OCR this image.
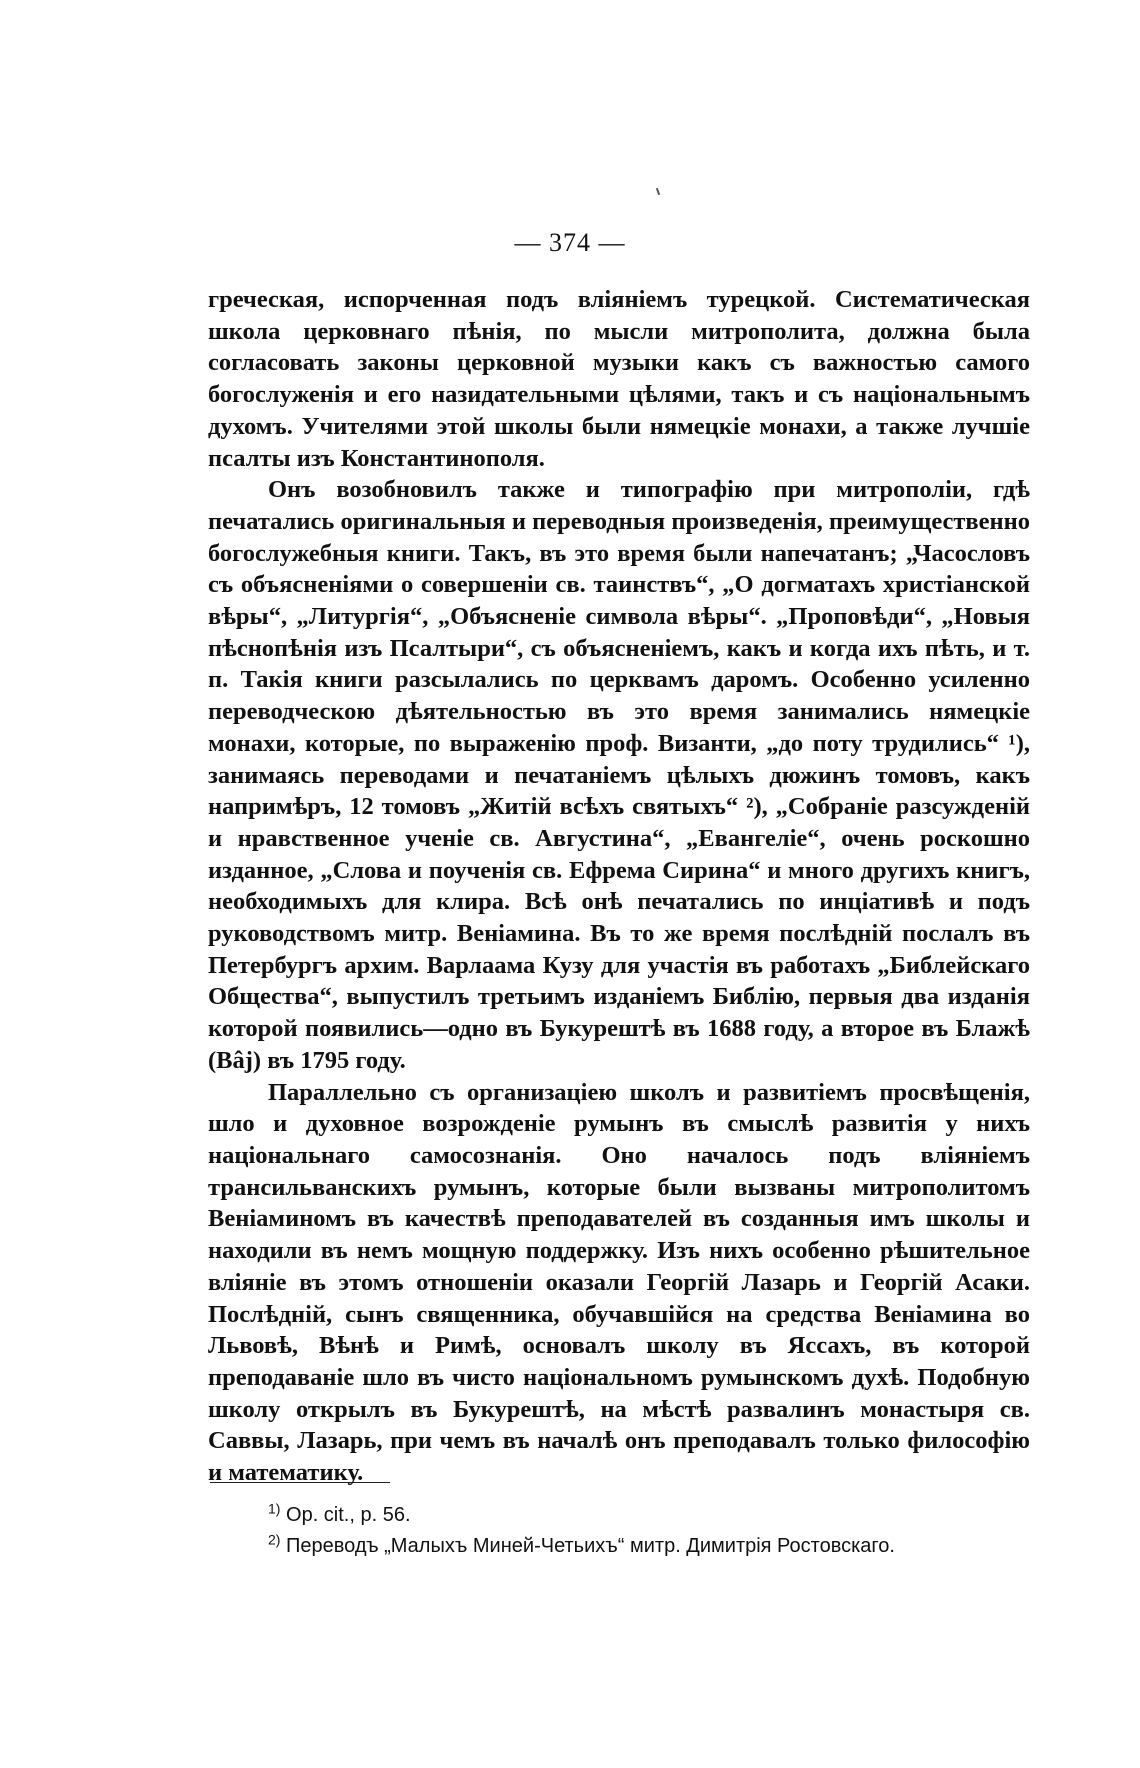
— 374 —

греческая, испорченная подъ вліяніемъ турецкой. Систематическая школа церковнаго пѣнія, по мысли митрополита, должна была согласовать законы церковной музыки какъ съ важностью самого богослуженія и его назидательными цѣлями, такъ и съ національнымъ духомъ. Учителями этой школы были нямецкіе монахи, а также лучшіе псалты изъ Константинополя.

Онъ возобновилъ также и типографію при митрополіи, гдѣ печатались оригинальныя и переводныя произведенія, преимущественно богослужебныя книги. Такъ, въ это время были напечатанъ; „Часословъ съ объясненіями о совершеніи св. таинствъ“, „О догматахъ христіанской вѣры“, „Литургія“, „Объясненіе символа вѣры“. „Проповѣди“, „Новыя пѣснопѣнія изъ Псалтыри“, съ объясненіемъ, какъ и когда ихъ пѣть, и т. п. Такія книги разсылались по церквамъ даромъ. Особенно усиленно переводческою дѣятельностью въ это время занимались нямецкіе монахи, которые, по выраженію проф. Византи, „до поту трудились“ ¹), занимаясь переводами и печатаніемъ цѣлыхъ дюжинъ томовъ, какъ напримѣръ, 12 томовъ „Житій всѣхъ святыхъ“ ²), „Собраніе разсужденій и нравственное ученіе св. Августина“, „Евангеліе“, очень роскошно изданное, „Слова и поученія св. Ефрема Сирина“ и много другихъ книгъ, необходимыхъ для клира. Всѣ онѣ печатались по инціативѣ и подъ руководствомъ митр. Веніамина. Въ то же время послѣдній послалъ въ Петербургъ архим. Варлаама Кузу для участія въ работахъ „Библейскаго Общества“, выпустилъ третьимъ изданіемъ Библію, первыя два изданія которой появились—одно въ Букурештѣ въ 1688 году, а второе въ Блажѣ (Вâj) въ 1795 году.

Параллельно съ организаціею школъ и развитіемъ просвѣщенія, шло и духовное возрожденіе румынъ въ смыслѣ развитія у нихъ національнаго самосознанія. Оно началось подъ вліяніемъ трансильванскихъ румынъ, которые были вызваны митрополитомъ Веніаминомъ въ качествѣ преподавателей въ созданныя имъ школы и находили въ немъ мощную поддержку. Изъ нихъ особенно рѣшительное вліяніе въ этомъ отношеніи оказали Георгій Лазарь и Георгій Асаки. Послѣдній, сынъ священника, обучавшійся на средства Веніамина во Львовѣ, Вѣнѣ и Римѣ, основалъ школу въ Яссахъ, въ которой преподаваніе шло въ чисто національномъ румынскомъ духѣ. Подобную школу открылъ въ Букурештѣ, на мѣстѣ развалинъ монастыря св. Саввы, Лазарь, при чемъ въ началѣ онъ преподавалъ только философію и математику.

$^{1)}$ Op. cit., p. 56.
$^{2)}$ Переводъ „Малыхъ Миней-Четьихъ“ митр. Димитрія Ростовскаго.
